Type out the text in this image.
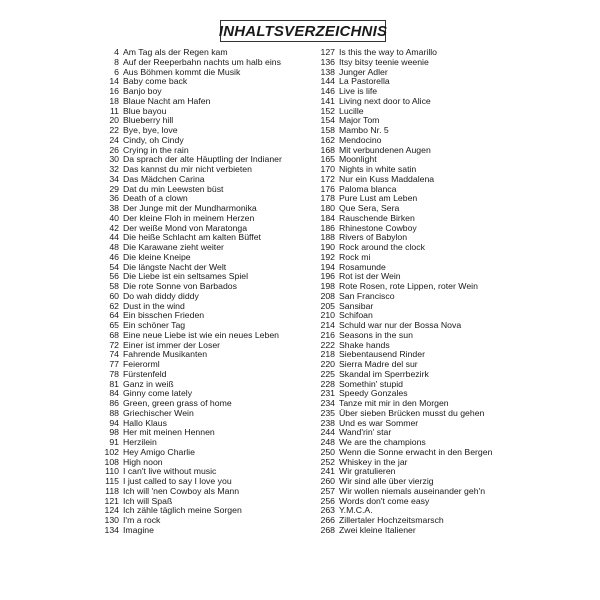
INHALTSVERZEICHNIS
4 Am Tag als der Regen kam
8 Auf der Reeperbahn nachts um halb eins
6 Aus Böhmen kommt die Musik
14 Baby come back
16 Banjo boy
18 Blaue Nacht am Hafen
11 Blue bayou
20 Blueberry hill
22 Bye, bye, love
24 Cindy, oh Cindy
26 Crying in the rain
30 Da sprach der alte Häuptling der Indianer
32 Das kannst du mir nicht verbieten
34 Das Mädchen Carina
29 Dat du min Leewsten büst
36 Death of a clown
38 Der Junge mit der Mundharmonika
40 Der kleine Floh in meinem Herzen
42 Der weiße Mond von Maratonga
44 Die heiße Schlacht am kalten Büffet
48 Die Karawane zieht weiter
46 Die kleine Kneipe
54 Die längste Nacht der Welt
56 Die Liebe ist ein seltsames Spiel
58 Die rote Sonne von Barbados
60 Do wah diddy diddy
62 Dust in the wind
64 Ein bisschen Frieden
65 Ein schöner Tag
68 Eine neue Liebe ist wie ein neues Leben
72 Einer ist immer der Loser
74 Fahrende Musikanten
77 Feierorml
78 Fürstenfeld
81 Ganz in weiß
84 Ginny come lately
86 Green, green grass of home
88 Griechischer Wein
94 Hallo Klaus
98 Her mit meinen Hennen
91 Herzilein
102 Hey Amigo Charlie
108 High noon
110 I can't live without music
115 I just called to say I love you
118 Ich will 'nen Cowboy als Mann
121 Ich will Spaß
124 Ich zähle täglich meine Sorgen
130 I'm a rock
134 Imagine
127 Is this the way to Amarillo
136 Itsy bitsy teenie weenie
138 Junger Adler
144 La Pastorella
146 Live is life
141 Living next door to Alice
152 Lucille
154 Major Tom
158 Mambo Nr. 5
162 Mendocino
168 Mit verbundenen Augen
165 Moonlight
170 Nights in white satin
172 Nur ein Kuss Maddalena
176 Paloma blanca
178 Pure Lust am Leben
180 Que Sera, Sera
184 Rauschende Birken
186 Rhinestone Cowboy
188 Rivers of Babylon
190 Rock around the clock
192 Rock mi
194 Rosamunde
196 Rot ist der Wein
198 Rote Rosen, rote Lippen, roter Wein
208 San Francisco
205 Sansibar
210 Schifoan
214 Schuld war nur der Bossa Nova
216 Seasons in the sun
222 Shake hands
218 Siebentausend Rinder
220 Sierra Madre del sur
225 Skandal im Sperrbezirk
228 Somethin' stupid
231 Speedy Gonzales
234 Tanze mit mir in den Morgen
235 Über sieben Brücken musst du gehen
238 Und es war Sommer
244 Wand'rin' star
248 We are the champions
250 Wenn die Sonne erwacht in den Bergen
252 Whiskey in the jar
241 Wir gratulieren
260 Wir sind alle über vierzig
257 Wir wollen niemals auseinander geh'n
256 Words don't come easy
263 Y.M.C.A.
266 Zillertaler Hochzeitsmarsch
268 Zwei kleine Italiener
